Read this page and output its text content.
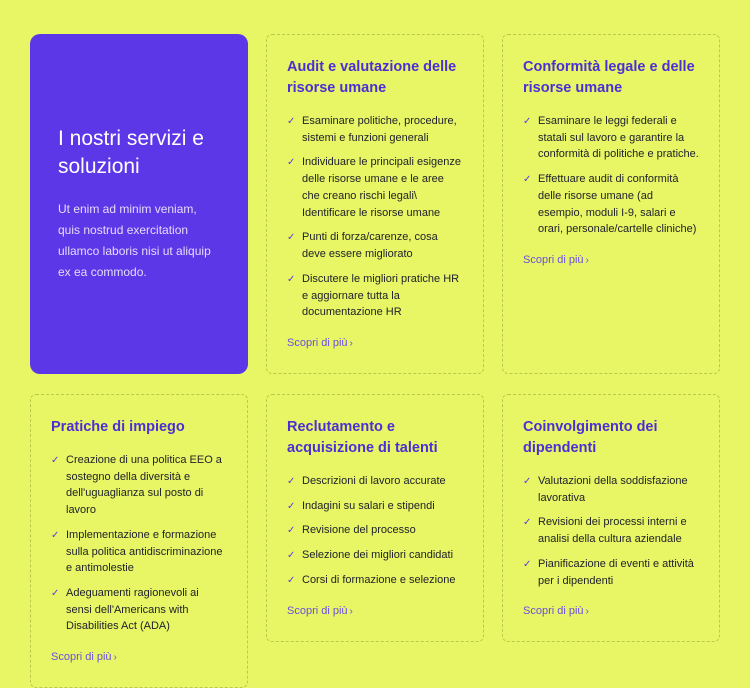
I nostri servizi e soluzioni

Ut enim ad minim veniam, quis nostrud exercitation ullamco laboris nisi ut aliquip ex ea commodo.

Audit e valutazione delle risorse umane
✓ Esaminare politiche, procedure, sistemi e funzioni generali
✓ Individuare le principali esigenze delle risorse umane e le aree che creano rischi legali\ Identificare le risorse umane
✓ Punti di forza/carenze, cosa deve essere migliorato
✓ Discutere le migliori pratiche HR e aggiornare tutta la documentazione HR
Scopri di più ›
Conformità legale e delle risorse umane
✓ Esaminare le leggi federali e statali sul lavoro e garantire la conformità di politiche e pratiche.
✓ Effettuare audit di conformità delle risorse umane (ad esempio, moduli I-9, salari e orari, personale/cartelle cliniche)
Scopri di più ›
Pratiche di impiego
✓ Creazione di una politica EEO a sostegno della diversità e dell'uguaglianza sul posto di lavoro
✓ Implementazione e formazione sulla politica antidiscriminazione e antimolestie
✓ Adeguamenti ragionevoli ai sensi dell'Americans with Disabilities Act (ADA)
Scopri di più ›
Reclutamento e acquisizione di talenti
✓ Descrizioni di lavoro accurate
✓ Indagini su salari e stipendi
✓ Revisione del processo
✓ Selezione dei migliori candidati
✓ Corsi di formazione e selezione
Scopri di più ›
Coinvolgimento dei dipendenti
✓ Valutazioni della soddisfazione lavorativa
✓ Revisioni dei processi interni e analisi della cultura aziendale
✓ Pianificazione di eventi e attività per i dipendenti
Scopri di più ›
